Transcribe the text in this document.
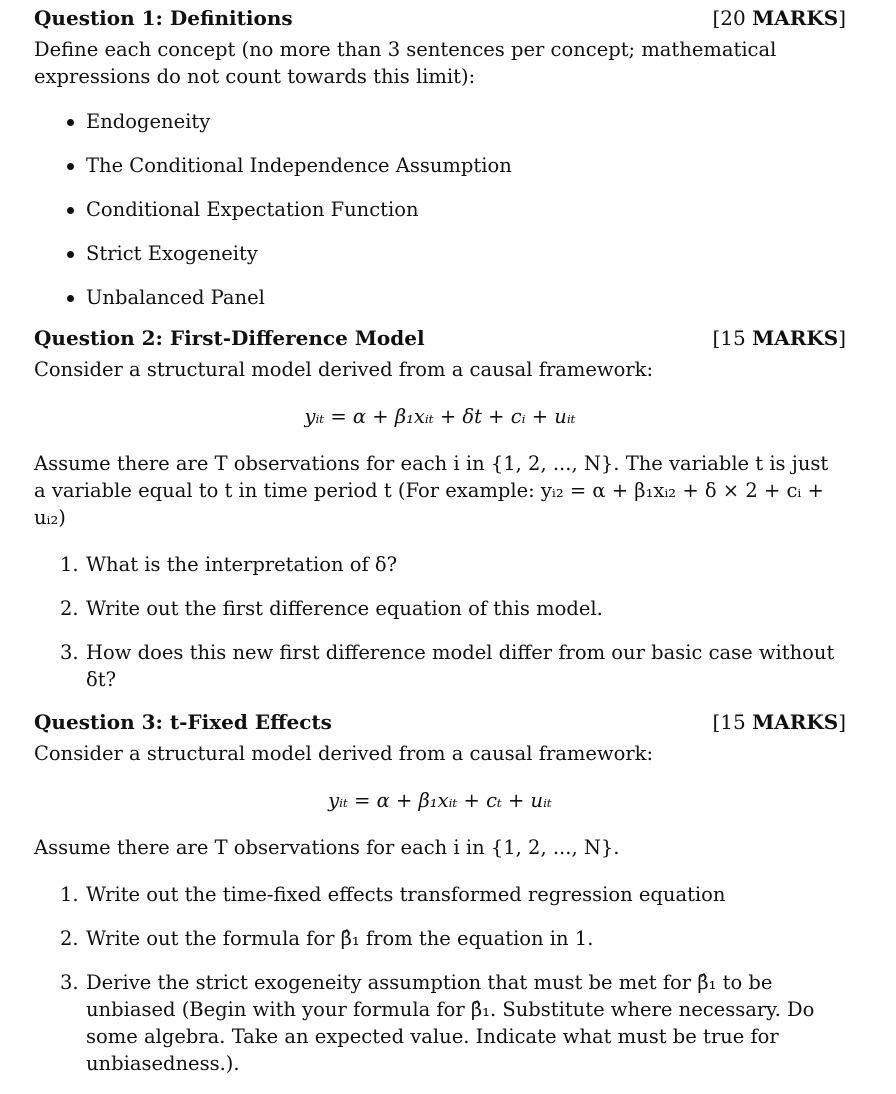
Question 1: Definitions	[20 MARKS]

Define each concept (no more than 3 sentences per concept; mathematical expressions do not count towards this limit):

Endogeneity
The Conditional Independence Assumption
Conditional Expectation Function
Strict Exogeneity
Unbalanced Panel
Question 2: First-Difference Model	[15 MARKS]

Consider a structural model derived from a causal framework:

yᵢₜ = α + β₁xᵢₜ + δt + cᵢ + uᵢₜ

Assume there are T observations for each i in {1, 2, ..., N}. The variable t is just a variable equal to t in time period t (For example: yᵢ₂ = α + β₁xᵢ₂ + δ × 2 + cᵢ + uᵢ₂)

1. What is the interpretation of δ?
2. Write out the first difference equation of this model.
3. How does this new first difference model differ from our basic case without δt?
Question 3: t-Fixed Effects	[15 MARKS]

Consider a structural model derived from a causal framework:

yᵢₜ = α + β₁xᵢₜ + cₜ + uᵢₜ

Assume there are T observations for each i in {1, 2, ..., N}.

1. Write out the time-fixed effects transformed regression equation
2. Write out the formula for β̂₁ from the equation in 1.
3. Derive the strict exogeneity assumption that must be met for β̂₁ to be unbiased (Begin with your formula for β̂₁. Substitute where necessary. Do some algebra. Take an expected value. Indicate what must be true for unbiasedness.).
